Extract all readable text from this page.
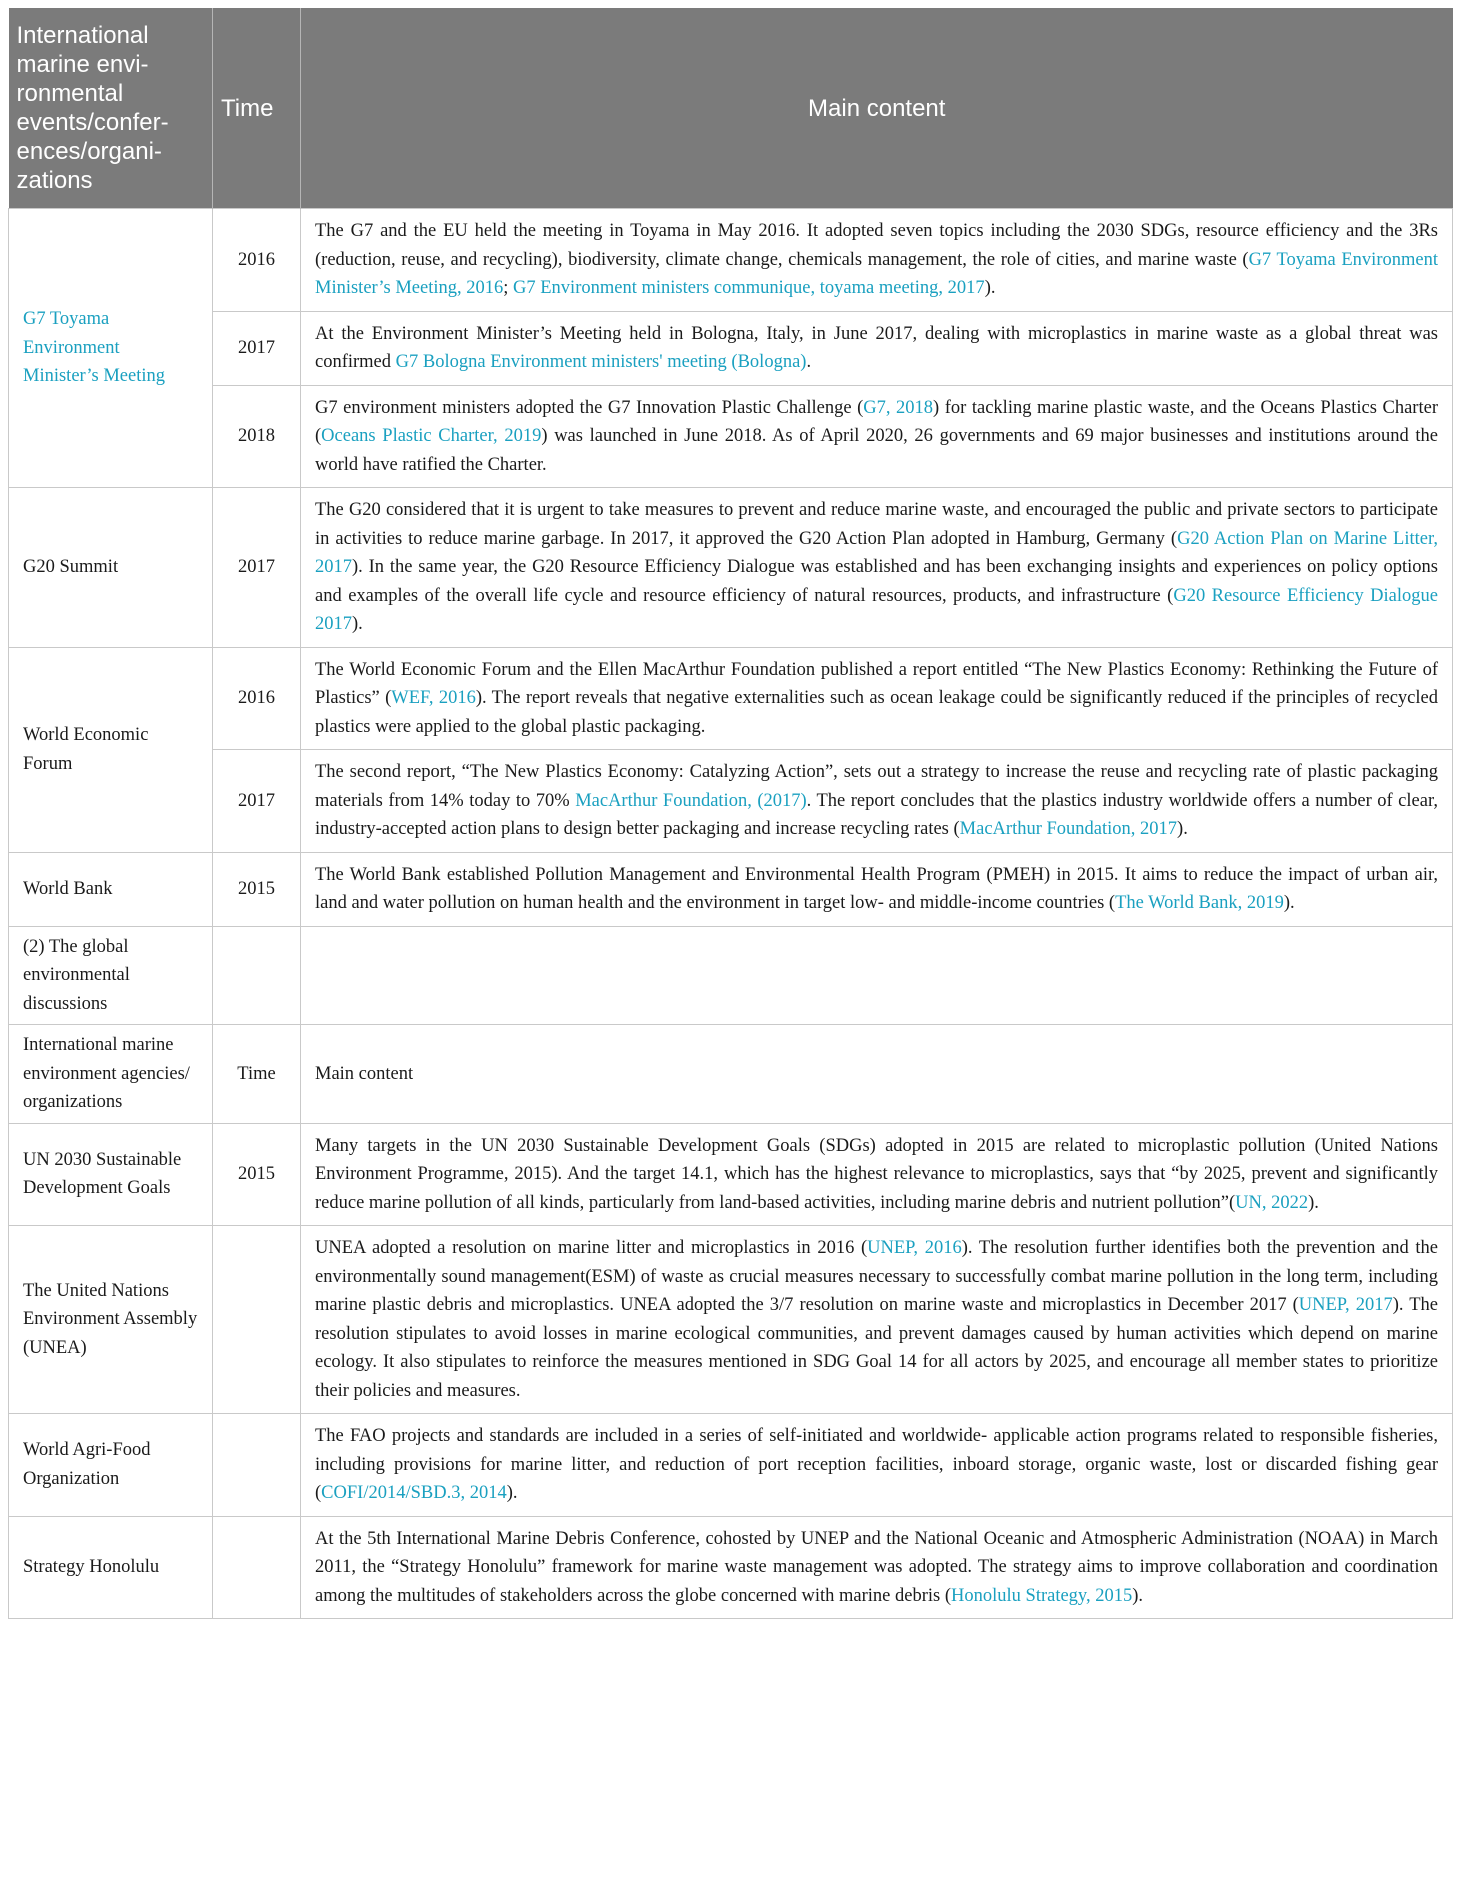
International marine envi-ronmental events/confer-ences/organi-zations	Time	Main content
G7 Toyama Environment Minister’s Meeting	2016	The G7 and the EU held the meeting in Toyama in May 2016. It adopted seven topics including the 2030 SDGs, resource efficiency and the 3Rs (reduction, reuse, and recycling), biodiversity, climate change, chemicals management, the role of cities, and marine waste (G7 Toyama Environment Minister’s Meeting, 2016; G7 Environment ministers communique, toyama meeting, 2017).
	2017	At the Environment Minister’s Meeting held in Bologna, Italy, in June 2017, dealing with microplastics in marine waste as a global threat was confirmed G7 Bologna Environment ministers' meeting (Bologna).
	2018	G7 environment ministers adopted the G7 Innovation Plastic Challenge (G7, 2018) for tackling marine plastic waste, and the Oceans Plastics Charter (Oceans Plastic Charter, 2019) was launched in June 2018. As of April 2020, 26 governments and 69 major businesses and institutions around the world have ratified the Charter.
G20 Summit	2017	The G20 considered that it is urgent to take measures to prevent and reduce marine waste, and encouraged the public and private sectors to participate in activities to reduce marine garbage. In 2017, it approved the G20 Action Plan adopted in Hamburg, Germany (G20 Action Plan on Marine Litter, 2017). In the same year, the G20 Resource Efficiency Dialogue was established and has been exchanging insights and experiences on policy options and examples of the overall life cycle and resource efficiency of natural resources, products, and infrastructure (G20 Resource Efficiency Dialogue 2017).
World Economic Forum	2016	The World Economic Forum and the Ellen MacArthur Foundation published a report entitled “The New Plastics Economy: Rethinking the Future of Plastics” (WEF, 2016). The report reveals that negative externalities such as ocean leakage could be significantly reduced if the principles of recycled plastics were applied to the global plastic packaging.
	2017	The second report, “The New Plastics Economy: Catalyzing Action”, sets out a strategy to increase the reuse and recycling rate of plastic packaging materials from 14% today to 70% MacArthur Foundation, (2017). The report concludes that the plastics industry worldwide offers a number of clear, industry-accepted action plans to design better packaging and increase recycling rates (MacArthur Foundation, 2017).
World Bank	2015	The World Bank established Pollution Management and Environmental Health Program (PMEH) in 2015. It aims to reduce the impact of urban air, land and water pollution on human health and the environment in target low- and middle-income countries (The World Bank, 2019).
(2) The global environmental discussions		
International marine environment agencies/ organizations	Time	Main content
UN 2030 Sustainable Development Goals	2015	Many targets in the UN 2030 Sustainable Development Goals (SDGs) adopted in 2015 are related to microplastic pollution (United Nations Environment Programme, 2015). And the target 14.1, which has the highest relevance to microplastics, says that “by 2025, prevent and significantly reduce marine pollution of all kinds, particularly from land-based activities, including marine debris and nutrient pollution”(UN, 2022).
The United Nations Environment Assembly (UNEA)		UNEA adopted a resolution on marine litter and microplastics in 2016 (UNEP, 2016). The resolution further identifies both the prevention and the environmentally sound management(ESM) of waste as crucial measures necessary to successfully combat marine pollution in the long term, including marine plastic debris and microplastics. UNEA adopted the 3/7 resolution on marine waste and microplastics in December 2017 (UNEP, 2017). The resolution stipulates to avoid losses in marine ecological communities, and prevent damages caused by human activities which depend on marine ecology. It also stipulates to reinforce the measures mentioned in SDG Goal 14 for all actors by 2025, and encourage all member states to prioritize their policies and measures.
World Agri-Food Organization		The FAO projects and standards are included in a series of self-initiated and worldwide- applicable action programs related to responsible fisheries, including provisions for marine litter, and reduction of port reception facilities, inboard storage, organic waste, lost or discarded fishing gear (COFI/2014/SBD.3, 2014).
Strategy Honolulu		At the 5th International Marine Debris Conference, cohosted by UNEP and the National Oceanic and Atmospheric Administration (NOAA) in March 2011, the “Strategy Honolulu” framework for marine waste management was adopted. The strategy aims to improve collaboration and coordination among the multitudes of stakeholders across the globe concerned with marine debris (Honolulu Strategy, 2015).
